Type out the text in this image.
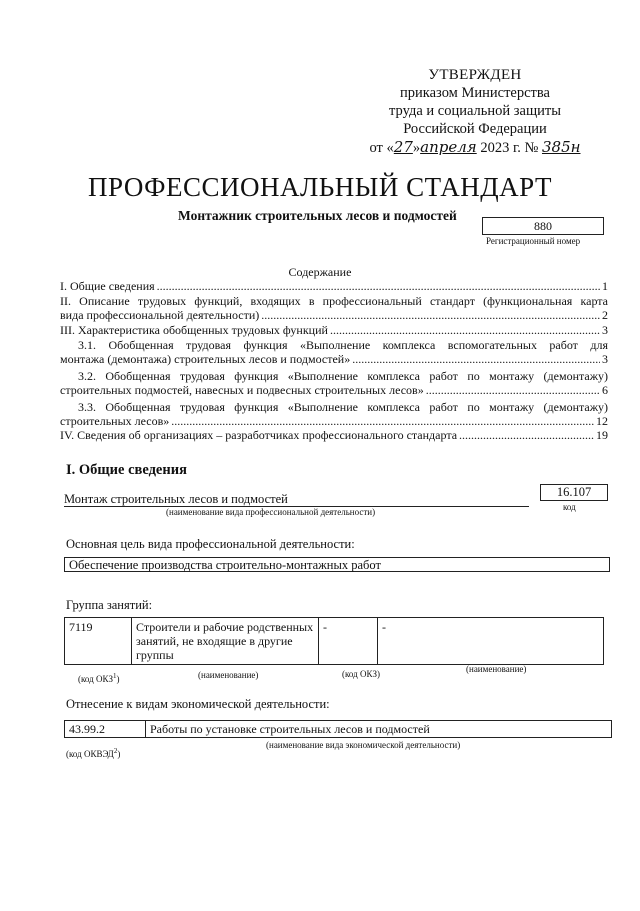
УТВЕРЖДЕН
приказом Министерства
труда и социальной защиты
Российской Федерации
от «27»апреля 2023 г. № 385н
ПРОФЕССИОНАЛЬНЫЙ СТАНДАРТ
Монтажник строительных лесов и подмостей
880
Регистрационный номер
Содержание
I. Общие сведения .....	1
II. Описание трудовых функций, входящих в профессиональный стандарт (функциональная карта
вида профессиональной деятельности) .....	2
III. Характеристика обобщенных трудовых функций .....	3
3.1. Обобщенная трудовая функция «Выполнение комплекса вспомогательных работ для
монтажа (демонтажа) строительных лесов и подмостей» .....	3
3.2. Обобщенная трудовая функция «Выполнение комплекса работ по монтажу (демонтажу)
строительных подмостей, навесных и подвесных строительных лесов» .....	6
3.3. Обобщенная трудовая функция «Выполнение комплекса работ по монтажу (демонтажу)
строительных лесов» .....	12
IV. Сведения об организациях – разработчиках профессионального стандарта .....	19
I. Общие сведения
Монтаж строительных лесов и подмостей
(наименование вида профессиональной деятельности)
16.107
код
Основная цель вида профессиональной деятельности:
Обеспечение производства строительно-монтажных работ
Группа занятий:
7119	Строители и рабочие родственных занятий, не входящие в другие группы	-	-
(код ОКЗ$^1$)	(наименование)	(код ОКЗ)	(наименование)
Отнесение к видам экономической деятельности:
43.99.2	Работы по установке строительных лесов и подмостей
(код ОКВЭД$^2$)
(наименование вида экономической деятельности)
